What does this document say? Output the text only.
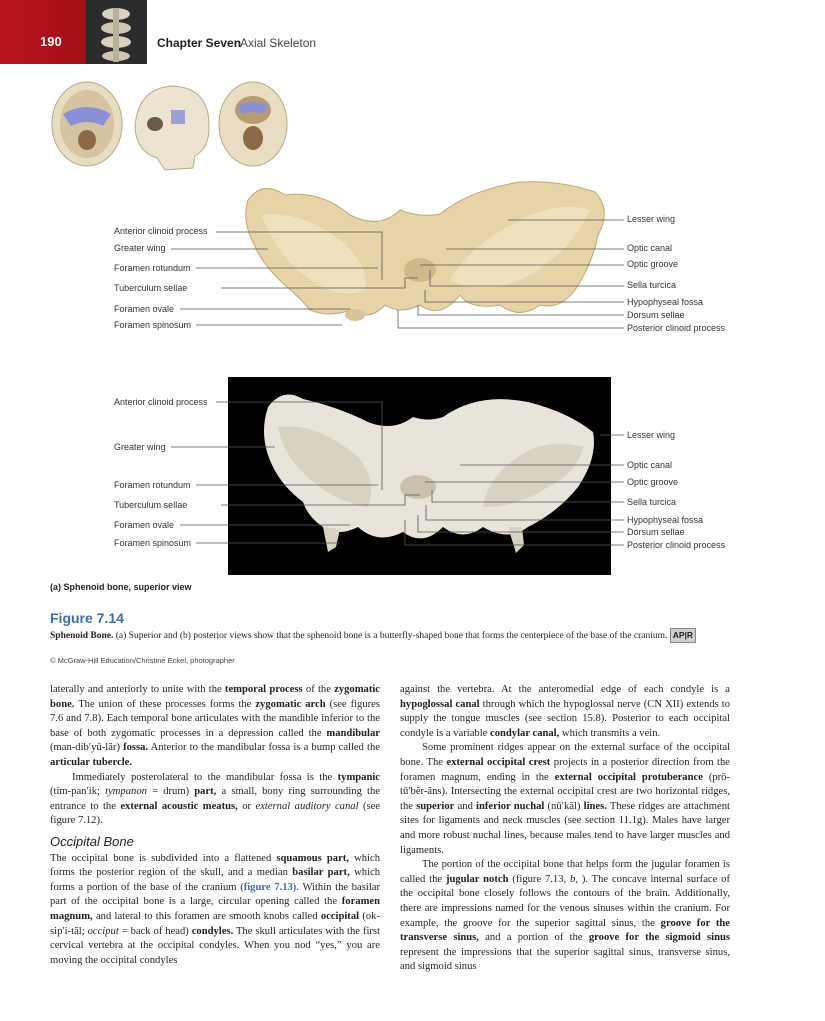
190	Chapter Seven
Axial Skeleton
Anterior clinoid process
Greater wing
Foramen rotundum
Tuberculum sellae
Foramen ovale
Foramen spinosum
Lesser wing
Optic canal
Optic groove
Sella turcica
Hypophyseal fossa
Dorsum sellae
Posterior clinoid process
Anterior clinoid process
Greater wing
Foramen rotundum
Tuberculum sellae
Foramen ovale
Foramen spinosum
Lesser wing
Optic canal
Optic groove
Sella turcica
Hypophyseal fossa
Dorsum sellae
Posterior clinoid process
(a) Sphenoid bone, superior view
Figure 7.14
Sphenoid Bone. (a) Superior and (b) posterior views show that the sphenoid bone is a butterfly-shaped bone that forms the centerpiece of the base of the cranium. AP|R
© McGraw-Hill Education/Christine Eckel, photographer

laterally and anteriorly to unite with the temporal process of the zygomatic bone. The union of these processes forms the zygomatic arch (see figures 7.6 and 7.8). Each temporal bone articulates with the mandible inferior to the base of both zygomatic processes in a depression called the mandibular (man-dib′yū-lăr) fossa. Anterior to the mandibular fossa is a bump called the articular tubercle.

Immediately posterolateral to the mandibular fossa is the tympanic (tim-pan′ik; tympanon = drum) part, a small, bony ring surrounding the entrance to the external acoustic meatus, or external auditory canal (see figure 7.12).

Occipital Bone

The occipital bone is subdivided into a flattened squamous part, which forms the posterior region of the skull, and a median basilar part, which forms a portion of the base of the cranium (figure 7.13). Within the basilar part of the occipital bone is a large, circular opening called the foramen magnum, and lateral to this foramen are smooth knobs called occipital (ok-sip′i-tăl; occiput = back of head) condyles. The skull articulates with the first cervical vertebra at the occipital condyles. When you nod “yes,” you are moving the occipital condyles

against the vertebra. At the anteromedial edge of each condyle is a hypoglossal canal through which the hypoglossal nerve (CN XII) extends to supply the tongue muscles (see section 15.8). Posterior to each occipital condyle is a variable condylar canal, which transmits a vein.

Some prominent ridges appear on the external surface of the occipital bone. The external occipital crest projects in a posterior direction from the foramen magnum, ending in the external occipital protuberance (prō-tū′bĕr-ăns). Intersecting the external occipital crest are two horizontal ridges, the superior and inferior nuchal (nū′kăl) lines. These ridges are attachment sites for ligaments and neck muscles (see section 11.1g). Males have larger and more robust nuchal lines, because males tend to have larger muscles and ligaments.

The portion of the occipital bone that helps form the jugular foramen is called the jugular notch (figure 7.13, b, ). The concave internal surface of the occipital bone closely follows the contours of the brain. Additionally, there are impressions named for the venous sinuses within the cranium. For example, the groove for the superior sagittal sinus, the groove for the transverse sinus, and a portion of the groove for the sigmoid sinus represent the impressions that the superior sagittal sinus, transverse sinus, and sigmoid sinus
